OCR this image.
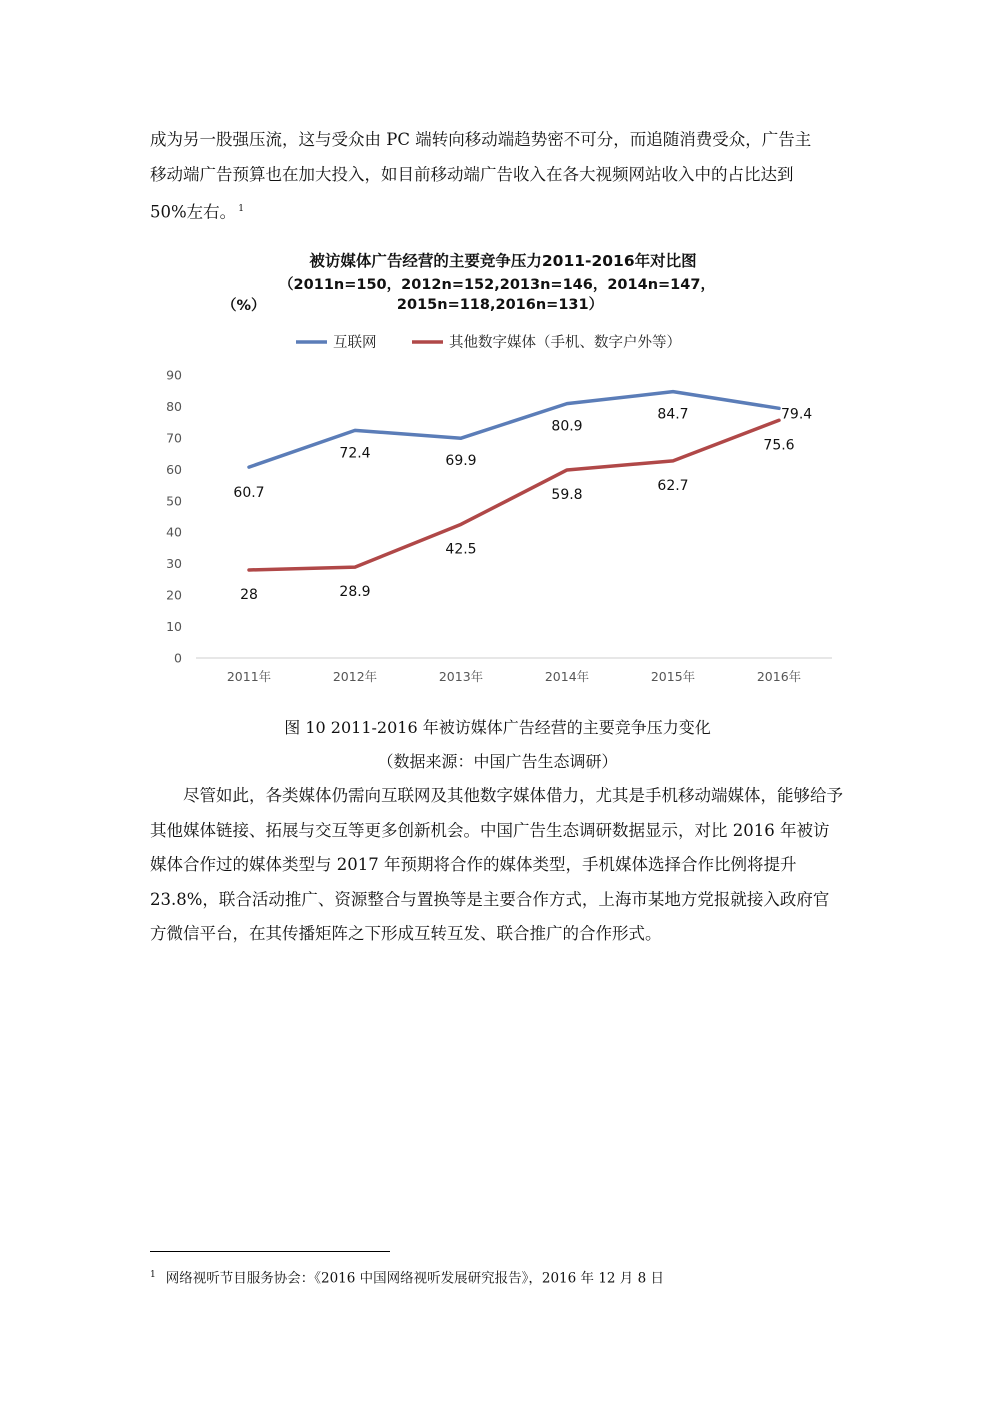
成为另一股强压流，这与受众由 PC 端转向移动端趋势密不可分，而追随消费受众，广告主

移动端广告预算也在加大投入，如目前移动端广告收入在各大视频网站收入中的占比达到

50%左右。 $^1$

被访媒体广告经营的主要竞争压力2011-2016年对比图
（2011n=150，2012n=152,2013n=146，2014n=147，
2015n=118,2016n=131）
（%）
互联网	其他数字媒体（手机、数字户外等）
0
10
20
30
40
50
60
70
80
90
2011年	2012年	2013年	2014年	2015年	2016年
60.7
72.4	69.9
80.9
84.7	79.4
28	28.9
42.5
59.8
62.7
75.6
图 10 2011-2016 年被访媒体广告经营的主要竞争压力变化
（数据来源：中国广告生态调研）
尽管如此，各类媒体仍需向互联网及其他数字媒体借力，尤其是手机移动端媒体，能够给予其他媒体链接、拓展与交互等更多创新机会。中国广告生态调研数据显示，对比 2016 年被访媒体合作过的媒体类型与 2017 年预期将合作的媒体类型，手机媒体选择合作比例将提升 23.8%，联合活动推广、资源整合与置换等是主要合作方式，上海市某地方党报就接入政府官方微信平台，在其传播矩阵之下形成互转互发、联合推广的合作形式。
$^1$ 网络视听节目服务协会：《2016 中国网络视听发展研究报告》，2016 年 12 月 8 日
